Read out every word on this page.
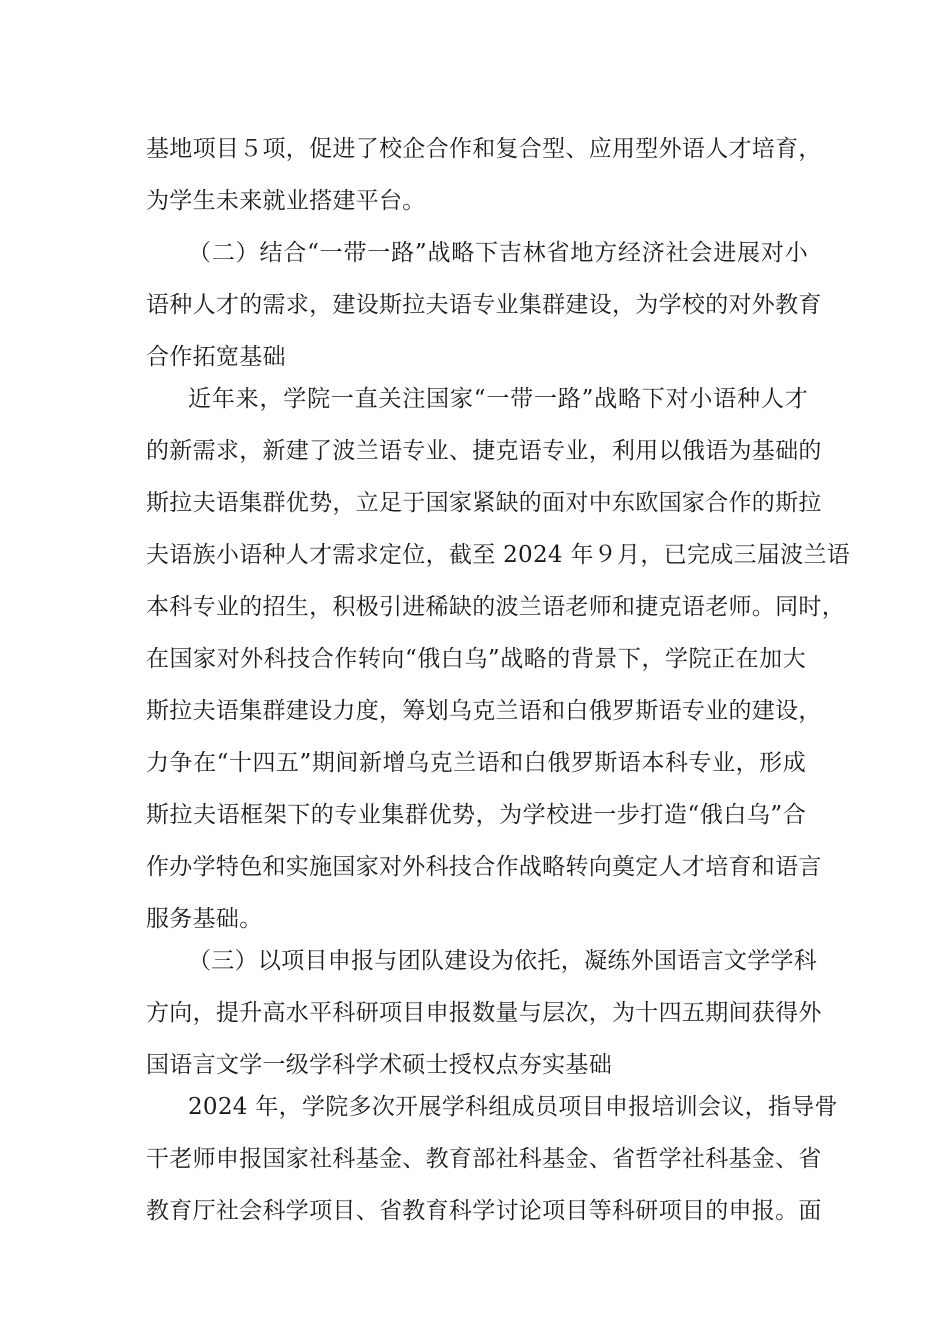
基地项目５项，促进了校企合作和复合型、应用型外语人才培育，
为学生未来就业搭建平台。
（二）结合“一带一路”战略下吉林省地方经济社会进展对小
语种人才的需求，建设斯拉夫语专业集群建设，为学校的对外教育
合作拓宽基础
近年来，学院一直关注国家“一带一路”战略下对小语种人才
的新需求，新建了波兰语专业、捷克语专业，利用以俄语为基础的
斯拉夫语集群优势，立足于国家紧缺的面对中东欧国家合作的斯拉
夫语族小语种人才需求定位，截至 2024 年９月，已完成三届波兰语
本科专业的招生，积极引进稀缺的波兰语老师和捷克语老师。同时，
在国家对外科技合作转向“俄白乌”战略的背景下，学院正在加大
斯拉夫语集群建设力度，筹划乌克兰语和白俄罗斯语专业的建设，
力争在“十四五”期间新增乌克兰语和白俄罗斯语本科专业，形成
斯拉夫语框架下的专业集群优势，为学校进一步打造“俄白乌”合
作办学特色和实施国家对外科技合作战略转向奠定人才培育和语言
服务基础。
（三）以项目申报与团队建设为依托，凝练外国语言文学学科
方向，提升高水平科研项目申报数量与层次，为十四五期间获得外
国语言文学一级学科学术硕士授权点夯实基础
2024 年，学院多次开展学科组成员项目申报培训会议，指导骨
干老师申报国家社科基金、教育部社科基金、省哲学社科基金、省
教育厅社会科学项目、省教育科学讨论项目等科研项目的申报。面
